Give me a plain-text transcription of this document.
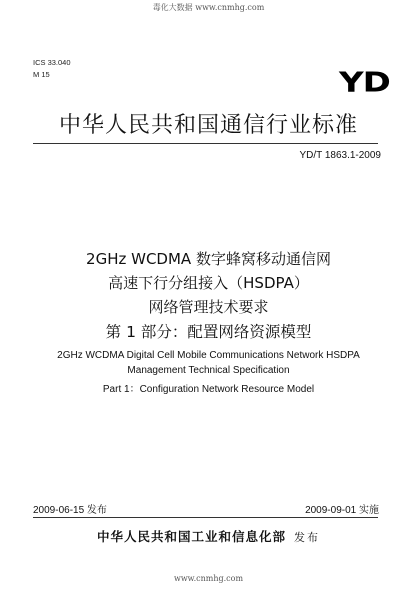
毒化大数据 www.cnmhg.com
ICS 33.040
M 15	YD
中华人民共和国通信行业标准
YD/T 1863.1-2009
2GHz WCDMA 数字蜂窝移动通信网
高速下行分组接入（HSDPA）
网络管理技术要求
第 1 部分：配置网络资源模型
2GHz WCDMA Digital Cell Mobile Communications Network HSDPA
Management Technical Specification
Part 1：Configuration Network Resource Model
2009-06-15 发布	2009-09-01 实施
中华人民共和国工业和信息化部 发布
www.cnmhg.com
